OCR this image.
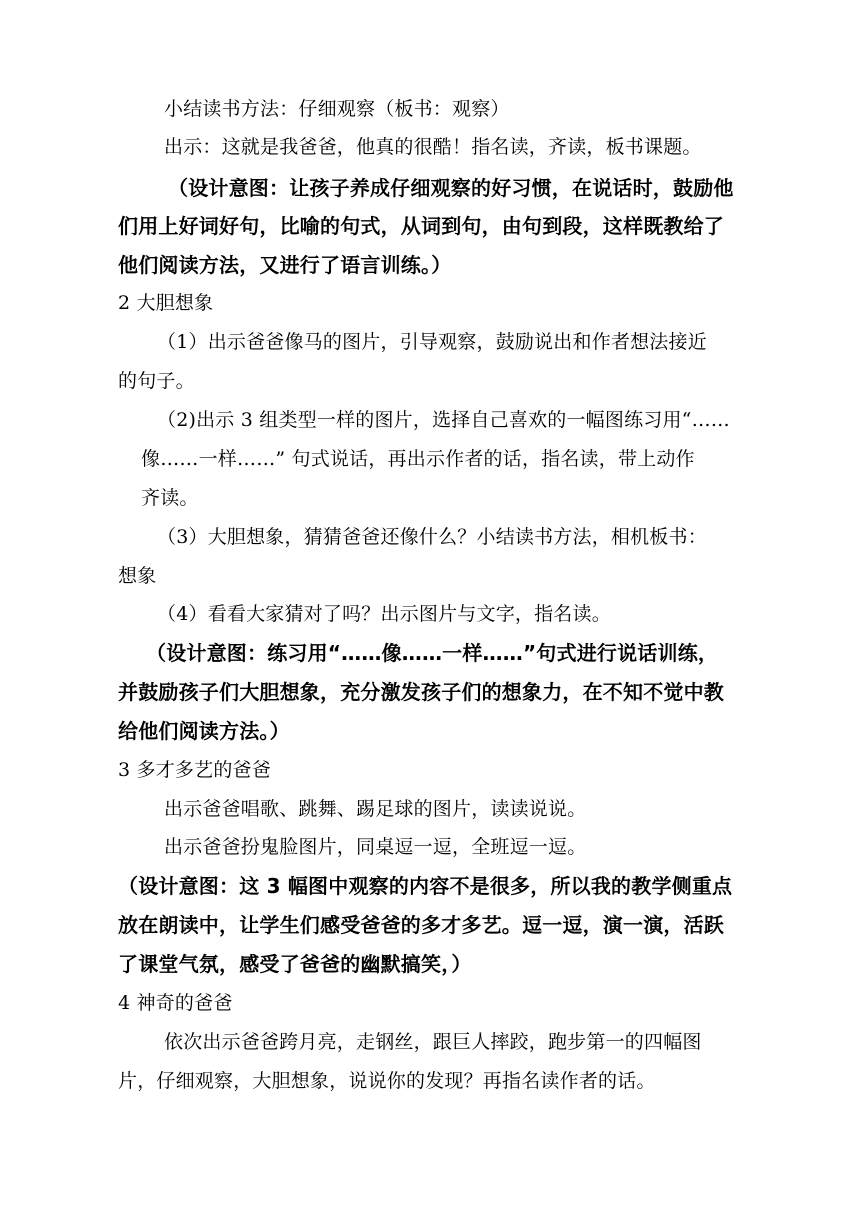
小结读书方法：仔细观察（板书：观察）
出示：这就是我爸爸，他真的很酷！指名读，齐读，板书课题。
（设计意图：让孩子养成仔细观察的好习惯，在说话时，鼓励他
们用上好词好句，比喻的句式，从词到句，由句到段，这样既教给了
他们阅读方法，又进行了语言训练。）
2 大胆想象
（1）出示爸爸像马的图片，引导观察，鼓励说出和作者想法接近
的句子。
（2)出示 3 组类型一样的图片，选择自己喜欢的一幅图练习用“……
像……一样……” 句式说话，再出示作者的话，指名读，带上动作
齐读。
（3）大胆想象，猜猜爸爸还像什么？小结读书方法，相机板书：
想象
（4）看看大家猜对了吗？出示图片与文字，指名读。
（设计意图：练习用“……像……一样……”句式进行说话训练，
并鼓励孩子们大胆想象，充分激发孩子们的想象力，在不知不觉中教
给他们阅读方法。）
3 多才多艺的爸爸
出示爸爸唱歌、跳舞、踢足球的图片，读读说说。
出示爸爸扮鬼脸图片，同桌逗一逗，全班逗一逗。
（设计意图：这 3 幅图中观察的内容不是很多，所以我的教学侧重点
放在朗读中，让学生们感受爸爸的多才多艺。逗一逗，演一演，活跃
了课堂气氛，感受了爸爸的幽默搞笑，）
4 神奇的爸爸
依次出示爸爸跨月亮，走钢丝，跟巨人摔跤，跑步第一的四幅图
片，仔细观察，大胆想象，说说你的发现？再指名读作者的话。
